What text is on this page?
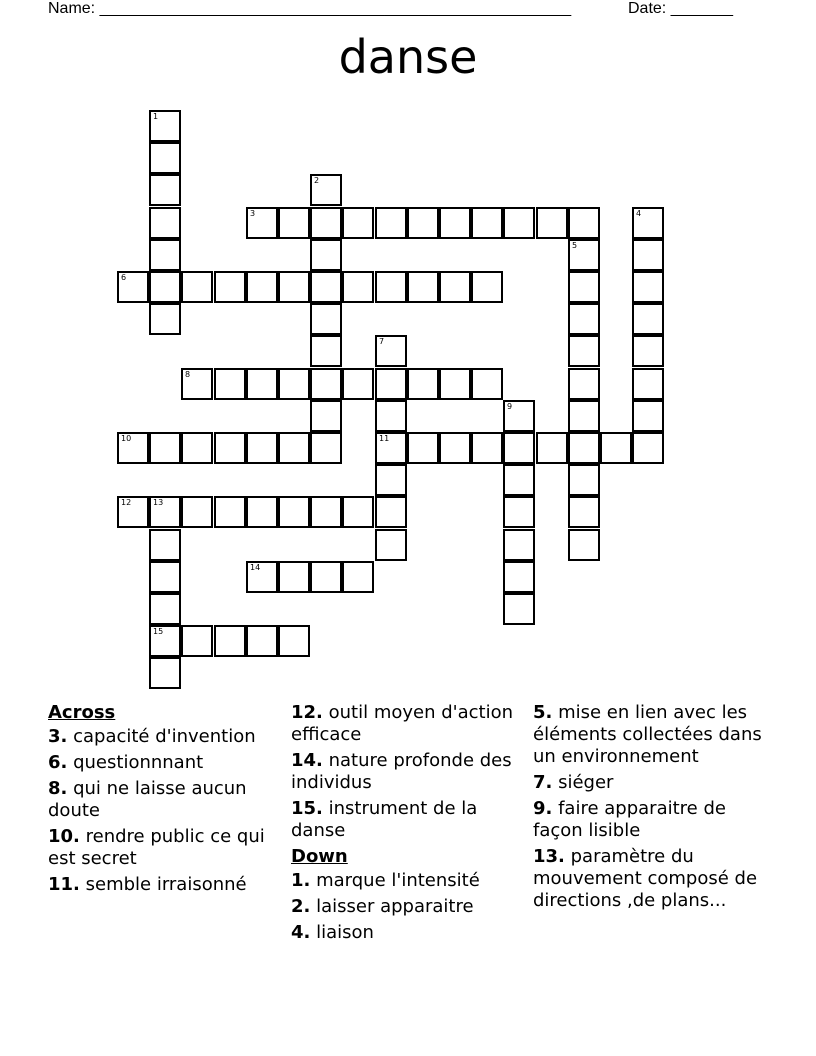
Name: _____________________________________________________	Date: _______
danse
1
2
3	4
5
6
7
11
8
9
10
12	13
15
14
Across
3. capacité d'invention
6. questionnnant
8. qui ne laisse aucun doute
10. rendre public ce qui est secret
11. semble irraisonné
12. outil moyen d'action efficace
14. nature profonde des individus
15. instrument de la danse
Down
1. marque l'intensité
2. laisser apparaitre
4. liaison
5. mise en lien avec les éléments collectées dans un environnement
7. siéger
9. faire apparaitre de façon lisible
13. paramètre du mouvement composé de directions ,de plans...
